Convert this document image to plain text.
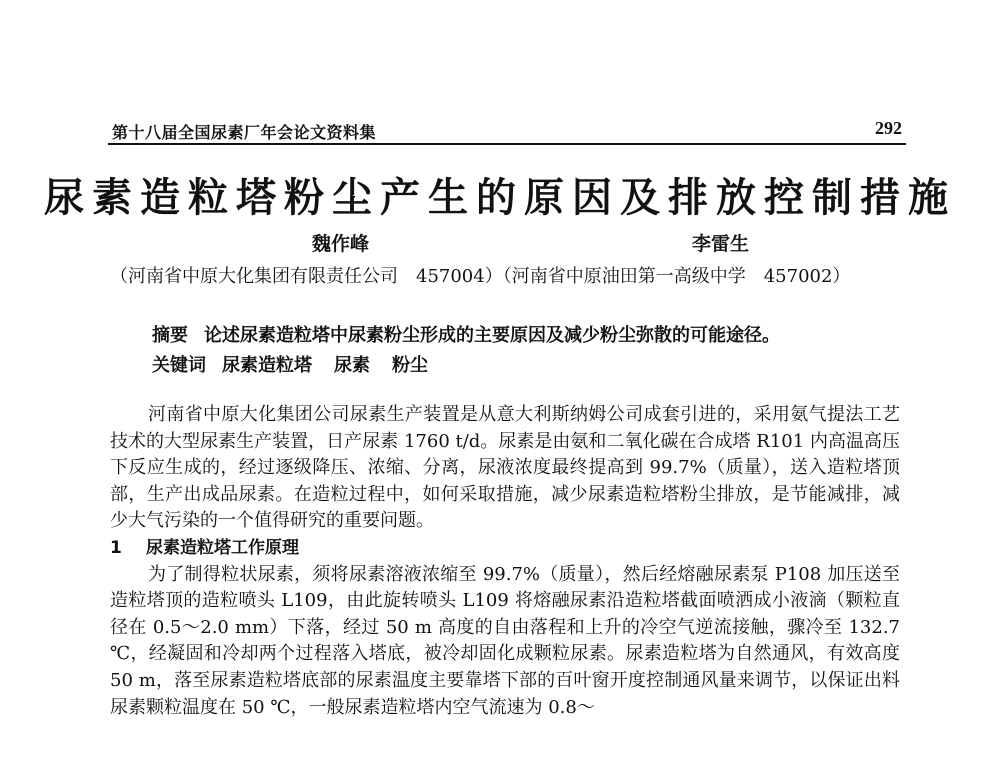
第十八届全国尿素厂年会论文资料集	292
尿素造粒塔粉尘产生的原因及排放控制措施
魏作峰	李雷生
（河南省中原大化集团有限责任公司　457004）（河南省中原油田第一高级中学　457002）
摘要 论述尿素造粒塔中尿素粉尘形成的主要原因及减少粉尘弥散的可能途径。
关键词 尿素造粒塔 尿素 粉尘

河南省中原大化集团公司尿素生产装置是从意大利斯纳姆公司成套引进的，采用氨气提法工艺技术的大型尿素生产装置，日产尿素 1760 t/d。尿素是由氨和二氧化碳在合成塔 R101 内高温高压下反应生成的，经过逐级降压、浓缩、分离，尿液浓度最终提高到 99.7%（质量），送入造粒塔顶部，生产出成品尿素。在造粒过程中，如何采取措施，减少尿素造粒塔粉尘排放，是节能减排，减少大气污染的一个值得研究的重要问题。

1 尿素造粒塔工作原理

为了制得粒状尿素，须将尿素溶液浓缩至 99.7%（质量），然后经熔融尿素泵 P108 加压送至造粒塔顶的造粒喷头 L109，由此旋转喷头 L109 将熔融尿素沿造粒塔截面喷洒成小液滴（颗粒直径在 0.5～2.0 mm）下落，经过 50 m 高度的自由落程和上升的冷空气逆流接触，骤冷至 132.7 ℃，经凝固和冷却两个过程落入塔底，被冷却固化成颗粒尿素。尿素造粒塔为自然通风，有效高度 50 m，落至尿素造粒塔底部的尿素温度主要靠塔下部的百叶窗开度控制通风量来调节，以保证出料尿素颗粒温度在 50 ℃，一般尿素造粒塔内空气流速为 0.8～
